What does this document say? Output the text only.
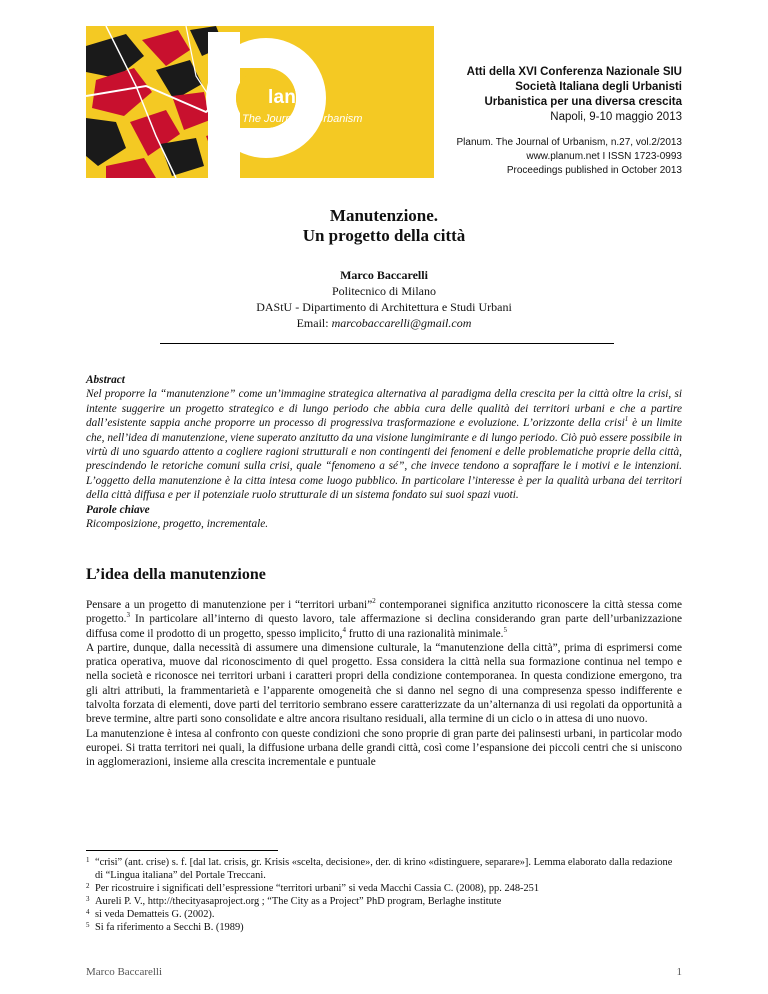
lanum
The Journal of Urbanism
Atti della XVI Conferenza Nazionale SIU
Società Italiana degli Urbanisti
Urbanistica per una diversa crescita
Napoli, 9-10 maggio 2013
Planum. The Journal of Urbanism, n.27, vol.2/2013
www.planum.net I ISSN 1723-0993
Proceedings published in October 2013
Manutenzione.
Un progetto della città
Marco Baccarelli
Politecnico di Milano
DAStU - Dipartimento di Architettura e Studi Urbani
Email: marcobaccarelli@gmail.com
Abstract
Nel proporre la “manutenzione” come un’immagine strategica alternativa al paradigma della crescita per la città oltre la crisi, si intente suggerire un progetto strategico e di lungo periodo che abbia cura delle qualità dei territori urbani e che a partire dall’esistente sappia anche proporre un processo di progressiva trasformazione e evoluzione. L’orizzonte della crisi$^1$ è un limite che, nell’idea di manutenzione, viene superato anzitutto da una visione lungimirante e di lungo periodo. Ciò può essere possibile in virtù di uno sguardo attento a cogliere ragioni strutturali e non contingenti dei fenomeni e delle problematiche proprie della città, prescindendo le retoriche comuni sulla crisi, quale “fenomeno a sé”, che invece tendono a sopraffare le i motivi e le intenzioni. L’oggetto della manutenzione è la citta intesa come luogo pubblico. In particolare l’interesse è per la qualità urbana dei territori della città diffusa e per il potenziale ruolo strutturale di un sistema fondato sui suoi spazi vuoti.
Parole chiave
Ricomposizione, progetto, incrementale.
L’idea della manutenzione

Pensare a un progetto di manutenzione per i “territori urbani”$^2$ contemporanei significa anzitutto riconoscere la città stessa come progetto.$^3$ In particolare all’interno di questo lavoro, tale affermazione si declina considerando gran parte dell’urbanizzazione diffusa come il prodotto di un progetto, spesso implicito,$^4$ frutto di una razionalità minimale.$^5$

A partire, dunque, dalla necessità di assumere una dimensione culturale, la “manutenzione della città”, prima di esprimersi come pratica operativa, muove dal riconoscimento di quel progetto. Essa considera la città nella sua formazione continua nel tempo e nella società e riconosce nei territori urbani i caratteri propri della condizione contemporanea. In questa condizione emergono, tra gli altri attributi, la frammentarietà e l’apparente omogeneità che si danno nel segno di una compresenza spesso indifferente e talvolta forzata di elementi, dove parti del territorio sembrano essere caratterizzate da un’alternanza di usi regolati da opportunità a breve termine, altre parti sono consolidate e altre ancora risultano residuali, alla termine di un ciclo o in attesa di uno nuovo.

La manutenzione è intesa al confronto con queste condizioni che sono proprie di gran parte dei palinsesti urbani, in particolar modo europei. Si tratta territori nei quali, la diffusione urbana delle grandi città, così come l’espansione dei piccoli centri che si uniscono in agglomerazioni, insieme alla crescita incrementale e puntuale

1 “crisi” (ant. crise) s. f. [dal lat. crisis, gr. Krisis «scelta, decisione», der. di krino «distinguere, separare»]. Lemma elaborato dalla redazione di “Lingua italiana” del Portale Treccani.
2 Per ricostruire i significati dell’espressione “territori urbani” si veda Macchi Cassia C. (2008), pp. 248-251
3 Aureli P. V., http://thecityasaproject.org ; “The City as a Project” PhD program, Berlaghe institute
4 si veda Dematteis G. (2002).
5 Si fa riferimento a Secchi B. (1989)
Marco Baccarelli	1
